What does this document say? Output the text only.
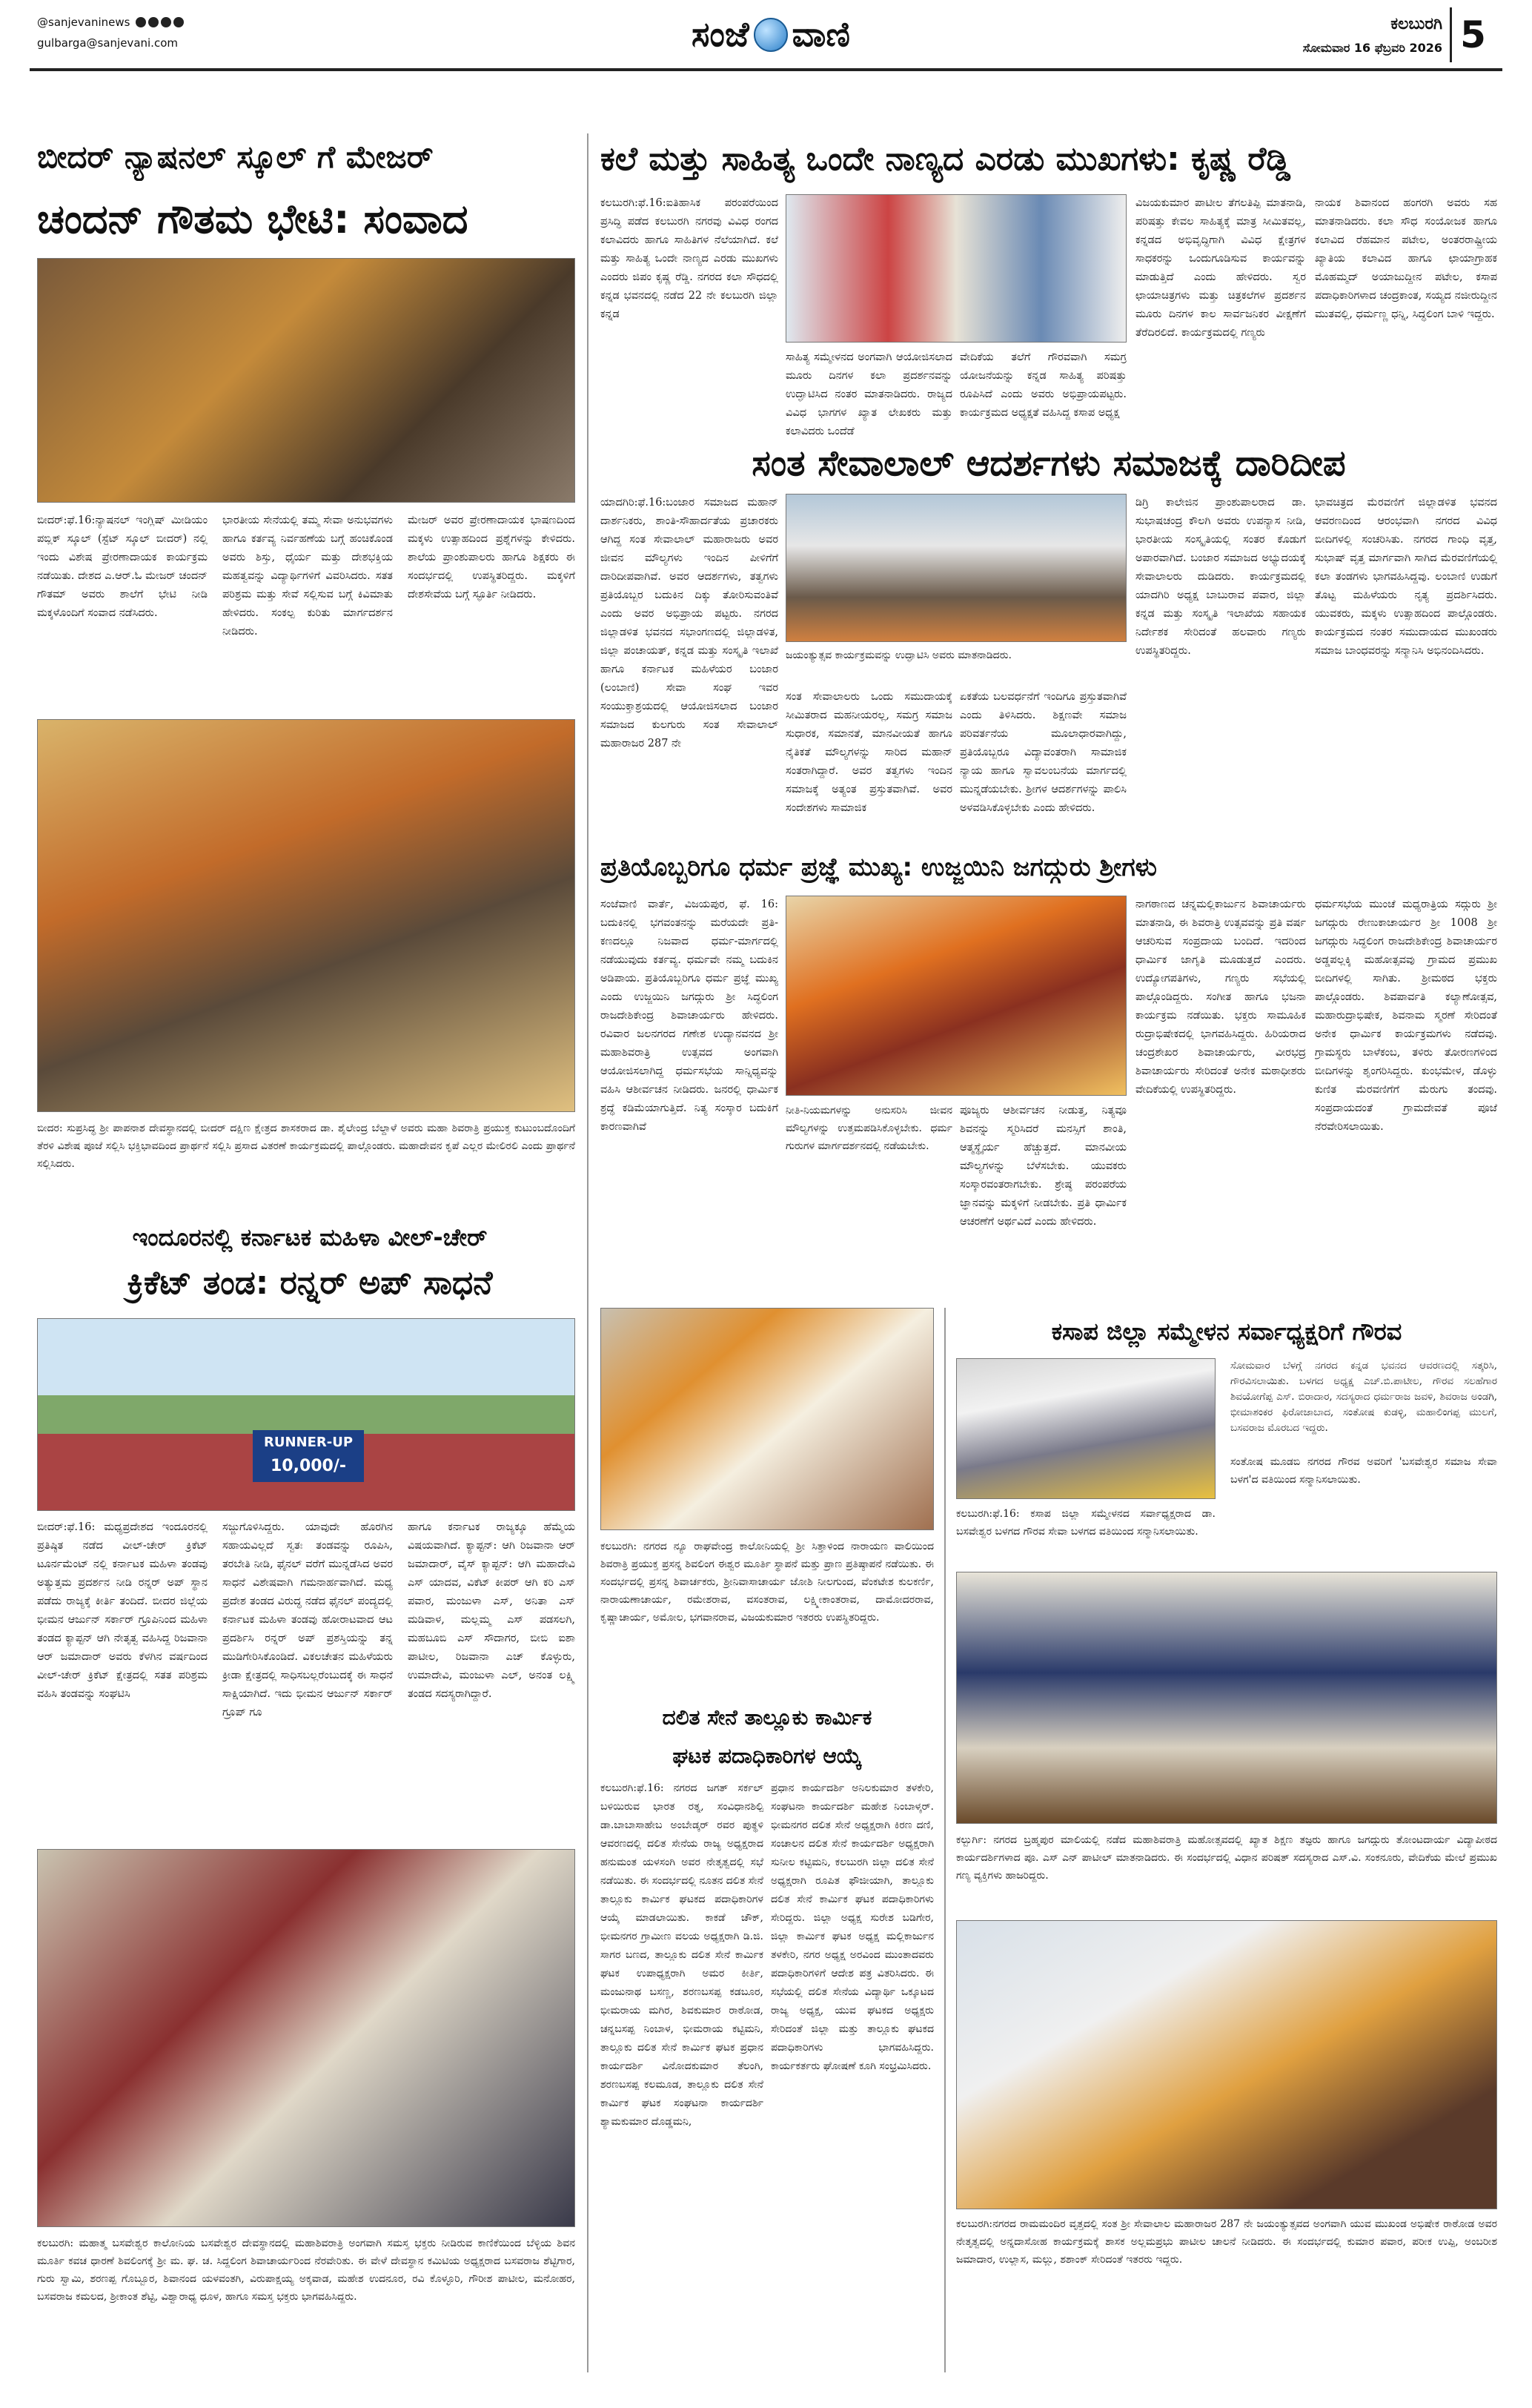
@sanjevaninews
gulbarga@sanjevani.com	ಸಂಜೆ ವಾಣಿ	ಕಲಬುರಗಿ
ಸೋಮವಾರ 16 ಫೆಬ್ರವರಿ 2026 5
ಬೀದರ್ ನ್ಯಾಷನಲ್ ಸ್ಕೂಲ್ ಗೆ ಮೇಜರ್
ಚಂದನ್ ಗೌತಮ ಭೇಟಿ: ಸಂವಾದ
ಬೀದರ್:ಫೆ.16:ನ್ಯಾಷನಲ್ ಇಂಗ್ಲಿಷ್ ಮೀಡಿಯಂ ಪಬ್ಲಿಕ್ ಸ್ಕೂಲ್ (ಸ್ಟೆಟ್ ಸ್ಕೂಲ್ ಬೀದರ್) ನಲ್ಲಿ ಇಂದು ವಿಶೇಷ ಪ್ರೇರಣಾದಾಯಕ ಕಾರ್ಯಕ್ರಮ ನಡೆಯಿತು. ದೇಶದ ಎ.ಆರ್.ಓ ಮೇಜರ್ ಚಂದನ್ ಗೌತಮ್ ಅವರು ಶಾಲೆಗೆ ಭೇಟಿ ನೀಡಿ ಮಕ್ಕಳೊಂದಿಗೆ ಸಂವಾದ ನಡೆಸಿದರು.
ಭಾರತೀಯ ಸೇನೆಯಲ್ಲಿ ತಮ್ಮ ಸೇವಾ ಅನುಭವಗಳು ಹಾಗೂ ಕರ್ತವ್ಯ ನಿರ್ವಹಣೆಯ ಬಗ್ಗೆ ಹಂಚಿಕೊಂಡ ಅವರು ಶಿಸ್ತು, ಧೈರ್ಯ ಮತ್ತು ದೇಶಭಕ್ತಿಯ ಮಹತ್ವವನ್ನು ವಿದ್ಯಾರ್ಥಿಗಳಿಗೆ ವಿವರಿಸಿದರು. ಸತತ ಪರಿಶ್ರಮ ಮತ್ತು ಸೇವೆ ಸಲ್ಲಿಸುವ ಬಗ್ಗೆ ಕಿವಿಮಾತು ಹೇಳಿದರು. ಸಂಕಲ್ಪ ಕುರಿತು ಮಾರ್ಗದರ್ಶನ ನೀಡಿದರು.
ಮೇಜರ್ ಅವರ ಪ್ರೇರಣಾದಾಯಕ ಭಾಷಣದಿಂದ ಮಕ್ಕಳು ಉತ್ಸಾಹದಿಂದ ಪ್ರಶ್ನೆಗಳನ್ನು ಕೇಳಿದರು. ಶಾಲೆಯ ಪ್ರಾಂಶುಪಾಲರು ಹಾಗೂ ಶಿಕ್ಷಕರು ಈ ಸಂದರ್ಭದಲ್ಲಿ ಉಪಸ್ಥಿತರಿದ್ದರು. ಮಕ್ಕಳಿಗೆ ದೇಶಸೇವೆಯ ಬಗ್ಗೆ ಸ್ಫೂರ್ತಿ ನೀಡಿದರು.
ಬೀದರ: ಸುಪ್ರಸಿದ್ಧ ಶ್ರೀ ಪಾಪನಾಶ ದೇವಸ್ಥಾನದಲ್ಲಿ ಬೀದರ್ ದಕ್ಷಿಣ ಕ್ಷೇತ್ರದ ಶಾಸಕರಾದ ಡಾ. ಶೈಲೇಂದ್ರ ಬೆಲ್ದಾಳೆ ಅವರು ಮಹಾ ಶಿವರಾತ್ರಿ ಪ್ರಯುಕ್ತ ಕುಟುಂಬದೊಂದಿಗೆ ತೆರಳಿ ವಿಶೇಷ ಪೂಜೆ ಸಲ್ಲಿಸಿ ಭಕ್ತಿಭಾವದಿಂದ ಪ್ರಾರ್ಥನೆ ಸಲ್ಲಿಸಿ ಪ್ರಸಾದ ವಿತರಣೆ ಕಾರ್ಯಕ್ರಮದಲ್ಲಿ ಪಾಲ್ಗೊಂಡರು. ಮಹಾದೇವನ ಕೃಪೆ ಎಲ್ಲರ ಮೇಲಿರಲಿ ಎಂದು ಪ್ರಾರ್ಥನೆ ಸಲ್ಲಿಸಿದರು.
ಇಂದೂರನಲ್ಲಿ ಕರ್ನಾಟಕ ಮಹಿಳಾ ವೀಲ್-ಚೇರ್
ಕ್ರಿಕೆಟ್ ತಂಡ: ರನ್ನರ್ ಅಪ್ ಸಾಧನೆ
RUNNER-UP
10,000/-
ಬೀದರ್:ಫೆ.16: ಮಧ್ಯಪ್ರದೇಶದ ಇಂದೂರನಲ್ಲಿ ಪ್ರತಿಷ್ಠಿತ ನಡೆದ ವೀಲ್-ಚೇರ್ ಕ್ರಿಕೆಟ್ ಟೂರ್ನಮೆಂಟ್ ನಲ್ಲಿ ಕರ್ನಾಟಕ ಮಹಿಳಾ ತಂಡವು ಅತ್ಯುತ್ತಮ ಪ್ರದರ್ಶನ ನೀಡಿ ರನ್ನರ್ ಅಪ್ ಸ್ಥಾನ ಪಡೆದು ರಾಜ್ಯಕ್ಕೆ ಕೀರ್ತಿ ತಂದಿದೆ. ಬೀದರ ಜಿಲ್ಲೆಯ ಭೀಮನ ಆರ್ಜುನ್ ಸರ್ಕಾರ್ ಗ್ರೂಪಿನಿಂದ ಮಹಿಳಾ ತಂಡದ ಕ್ಯಾಪ್ಟನ್ ಆಗಿ ನೇತೃತ್ವ ವಹಿಸಿದ್ದ ರಿಜವಾನಾ ಆರ್ ಜಮಾದಾರ್ ಅವರು ಕೆಳಗಿನ ವರ್ಷದಿಂದ ವೀಲ್-ಚೇರ್ ಕ್ರಿಕೆಟ್ ಕ್ಷೇತ್ರದಲ್ಲಿ ಸತತ ಪರಿಶ್ರಮ ವಹಿಸಿ ತಂಡವನ್ನು ಸಂಘಟಿಸಿ
ಸಜ್ಜುಗೊಳಿಸಿದ್ದರು. ಯಾವುದೇ ಹೊರಗಿನ ಸಹಾಯವಿಲ್ಲದೆ ಸ್ವತಃ ತಂಡವನ್ನು ರೂಪಿಸಿ, ತರಬೇತಿ ನೀಡಿ, ಫೈನಲ್ ವರೆಗೆ ಮುನ್ನಡೆಸಿದ ಅವರ ಸಾಧನೆ ವಿಶೇಷವಾಗಿ ಗಮನಾರ್ಹವಾಗಿದೆ. ಮಧ್ಯ ಪ್ರದೇಶ ತಂಡದ ವಿರುದ್ಧ ನಡೆದ ಫೈನಲ್ ಪಂದ್ಯದಲ್ಲಿ ಕರ್ನಾಟಕ ಮಹಿಳಾ ತಂಡವು ಹೋರಾಟವಾದ ಆಟ ಪ್ರದರ್ಶಿಸಿ ರನ್ನರ್ ಅಪ್ ಪ್ರಶಸ್ತಿಯನ್ನು ತನ್ನ ಮುಡಿಗೇರಿಸಿಕೊಂಡಿದೆ. ವಿಕಲಚೇತನ ಮಹಿಳೆಯರು ಕ್ರೀಡಾ ಕ್ಷೇತ್ರದಲ್ಲಿ ಸಾಧಿಸಬಲ್ಲರೆಂಬುದಕ್ಕೆ ಈ ಸಾಧನೆ ಸಾಕ್ಷಿಯಾಗಿದೆ. ಇದು ಭೀಮನ ಆರ್ಜುನ್ ಸರ್ಕಾರ್ ಗ್ರೂಪ್ ಗೂ
ಹಾಗೂ ಕರ್ನಾಟಕ ರಾಜ್ಯಕ್ಕೂ ಹೆಮ್ಮೆಯ ವಿಷಯವಾಗಿದೆ. ಕ್ಯಾಪ್ಟನ್: ಆಗಿ ರಿಜವಾನಾ ಆರ್ ಜಮಾದಾರ್, ವೈಸ್ ಕ್ಯಾಪ್ಟನ್: ಆಗಿ ಮಹಾದೇವಿ ಎಸ್ ಯಾದವ, ವಿಕೆಟ್ ಕೀಪರ್ ಆಗಿ ಕರಿ ಎಸ್ ಪವಾರ, ಮಂಜುಳಾ ಎಸ್, ಅನಿತಾ ಎಸ್ ಮಡಿವಾಳ, ಮಲ್ಲಮ್ಮ ಎಸ್ ಪಡಸಲಗಿ, ಮಹಬೂಬಿ ಎಸ್ ಸೌದಾಗರ, ಬೀಬಿ ಐಶಾ ಪಾಟೀಲ, ರಿಜವಾನಾ ಎಚ್ ಕೊಳ್ಳುರು, ಉಮಾದೇವಿ, ಮಂಜುಳಾ ಎಲ್, ಅನಂತ ಲಕ್ಷ್ಮಿ ತಂಡದ ಸದಸ್ಯರಾಗಿದ್ದಾರೆ.
ಕಲಬುರಗಿ: ಮಹಾತ್ಮ ಬಸವೇಶ್ವರ ಕಾಲೋನಿಯ ಬಸವೇಶ್ವರ ದೇವಸ್ಥಾನದಲ್ಲಿ ಮಹಾಶಿವರಾತ್ರಿ ಅಂಗವಾಗಿ ಸಮಸ್ತ ಭಕ್ತರು ನೀಡಿರುವ ಕಾಣಿಕೆಯಿಂದ ಬೆಳ್ಳಿಯ ಶಿವನ ಮೂರ್ತಿ ಕವಚ ಧಾರಣೆ ಶಿವಲಿಂಗಕ್ಕೆ ಶ್ರೀ ಮ. ಘ. ಚ. ಸಿದ್ದಲಿಂಗ ಶಿವಾಚಾರ್ಯರಿಂದ ನೆರವೇರಿತು. ಈ ವೇಳೆ ದೇವಸ್ಥಾನ ಕಮಿಟಿಯ ಅಧ್ಯಕ್ಷರಾದ ಬಸವರಾಜ ಶೆಟ್ಟಿಗಾರ, ಗುರು ಸ್ವಾಮಿ, ಶರಣಪ್ಪ ಗೊಬ್ಬೂರ, ಶಿವಾನಂದ ಯಳವಂತಗಿ, ವಿರುಪಾಕ್ಷಯ್ಯ ಅಕ್ಕವಾಡ, ಮಹೇಶ ಉದನೂರ, ರವಿ ಕೊಳ್ಳೂರಿ, ಗೌರೀಶ ಪಾಟೀಲ, ಮನೋಹರ, ಬಸವರಾಜ ಕಮಲದ, ಶ್ರೀಕಾಂತ ಶೆಟ್ಟಿ, ವಿಶ್ವಾರಾಧ್ಯ ಧೂಳ, ಹಾಗೂ ಸಮಸ್ತ ಭಕ್ತರು ಭಾಗವಹಿಸಿದ್ದರು.
ಕಲೆ ಮತ್ತು ಸಾಹಿತ್ಯ ಒಂದೇ ನಾಣ್ಯದ ಎರಡು ಮುಖಗಳು: ಕೃಷ್ಣ ರೆಡ್ಡಿ
ಕಲಬುರಗಿ:ಫೆ.16:ಐತಿಹಾಸಿಕ ಪರಂಪರೆಯಿಂದ ಪ್ರಸಿದ್ಧಿ ಪಡೆದ ಕಲಬುರಗಿ ನಗರವು ವಿವಿಧ ರಂಗದ ಕಲಾವಿದರು ಹಾಗೂ ಸಾಹಿತಿಗಳ ನೆಲೆಯಾಗಿದೆ. ಕಲೆ ಮತ್ತು ಸಾಹಿತ್ಯ ಒಂದೇ ನಾಣ್ಯದ ಎರಡು ಮುಖಗಳು ಎಂದರು ಜಿಪಂ ಕೃಷ್ಣ ರೆಡ್ಡಿ. ನಗರದ ಕಲಾ ಸೌಧದಲ್ಲಿ ಕನ್ನಡ ಭವನದಲ್ಲಿ ನಡೆದ 22 ನೇ ಕಲಬುರಗಿ ಜಿಲ್ಲಾ ಕನ್ನಡ
ಸಾಹಿತ್ಯ ಸಮ್ಮೇಳನದ ಅಂಗವಾಗಿ ಆಯೋಜಿಸಲಾದ ಮೂರು ದಿನಗಳ ಕಲಾ ಪ್ರದರ್ಶನವನ್ನು ಉದ್ಘಾಟಿಸಿದ ನಂತರ ಮಾತನಾಡಿದರು. ರಾಜ್ಯದ ವಿವಿಧ ಭಾಗಗಳ ಖ್ಯಾತ ಲೇಖಕರು ಮತ್ತು ಕಲಾವಿದರು ಒಂದೆಡೆ
ವೇದಿಕೆಯ ತಲೆಗೆ ಗೌರವವಾಗಿ ಸಮಗ್ರ ಯೋಜನೆಯನ್ನು ಕನ್ನಡ ಸಾಹಿತ್ಯ ಪರಿಷತ್ತು ರೂಪಿಸಿದೆ ಎಂದು ಅವರು ಅಭಿಪ್ರಾಯಪಟ್ಟರು. ಕಾರ್ಯಕ್ರಮದ ಅಧ್ಯಕ್ಷತೆ ವಹಿಸಿದ್ದ ಕಸಾಪ ಅಧ್ಯಕ್ಷ
ವಿಜಯಕುಮಾರ ಪಾಟೀಲ ತೆಗಲತಿಪ್ಪಿ ಮಾತನಾಡಿ, ಪರಿಷತ್ತು ಕೇವಲ ಸಾಹಿತ್ಯಕ್ಕೆ ಮಾತ್ರ ಸೀಮಿತವಲ್ಲ, ಕನ್ನಡದ ಅಭಿವೃದ್ಧಿಗಾಗಿ ವಿವಿಧ ಕ್ಷೇತ್ರಗಳ ಸಾಧಕರನ್ನು ಒಂದುಗೂಡಿಸುವ ಕಾರ್ಯವನ್ನು ಮಾಡುತ್ತಿದೆ ಎಂದು ಹೇಳಿದರು. ಸ್ವರ ಛಾಯಾಚಿತ್ರಗಳು ಮತ್ತು ಚಿತ್ರಕಲೆಗಳ ಪ್ರದರ್ಶನ ಮೂರು ದಿನಗಳ ಕಾಲ ಸಾರ್ವಜನಿಕರ ವೀಕ್ಷಣೆಗೆ ತೆರೆದಿರಲಿದೆ. ಕಾರ್ಯಕ್ರಮದಲ್ಲಿ ಗಣ್ಯರು
ನಾಯಕ ಶಿವಾನಂದ ಹಂಗರಗಿ ಅವರು ಸಹ ಮಾತನಾಡಿದರು. ಕಲಾ ಸೌಧ ಸಂಯೋಜಕ ಹಾಗೂ ಕಲಾವಿದ ರೆಹಮಾನ ಪಟೇಲ, ಅಂತರರಾಷ್ಟ್ರೀಯ ಖ್ಯಾತಿಯ ಕಲಾವಿದ ಹಾಗೂ ಛಾಯಾಗ್ರಾಹಕ ಮೊಹಮ್ಮದ್ ಅಯಾಜುದ್ದೀನ ಪಟೇಲ, ಕಸಾಪ ಪದಾಧಿಕಾರಿಗಳಾದ ಚಂದ್ರಕಾಂತ, ಸಯ್ಯದ ನಜೀರುದ್ದೀನ ಮುತವಲ್ಲಿ, ಧರ್ಮಣ್ಣ ಧನ್ನಿ, ಸಿದ್ಧಲಿಂಗ ಬಾಳಿ ಇದ್ದರು.
ಸಂತ ಸೇವಾಲಾಲ್ ಆದರ್ಶಗಳು ಸಮಾಜಕ್ಕೆ ದಾರಿದೀಪ
ಯಾದಗಿರಿ:ಫೆ.16:ಬಂಜಾರ ಸಮಾಜದ ಮಹಾನ್ ದಾರ್ಶನಿಕರು, ಶಾಂತಿ-ಸೌಹಾರ್ದತೆಯ ಪ್ರಚಾರಕರು ಆಗಿದ್ದ ಸಂತ ಸೇವಾಲಾಲ್ ಮಹಾರಾಜರು ಅವರ ಜೀವನ ಮೌಲ್ಯಗಳು ಇಂದಿನ ಪೀಳಿಗೆಗೆ ದಾರಿದೀಪವಾಗಿವೆ. ಅವರ ಆದರ್ಶಗಳು, ತತ್ವಗಳು ಪ್ರತಿಯೊಬ್ಬರ ಬದುಕಿನ ದಿಕ್ಕು ತೋರಿಸುವಂತಿವೆ ಎಂದು ಅವರ ಅಭಿಪ್ರಾಯ ಪಟ್ಟರು. ನಗರದ ಜಿಲ್ಲಾಡಳಿತ ಭವನದ ಸಭಾಂಗಣದಲ್ಲಿ ಜಿಲ್ಲಾಡಳಿತ, ಜಿಲ್ಲಾ ಪಂಚಾಯತ್, ಕನ್ನಡ ಮತ್ತು ಸಂಸ್ಕೃತಿ ಇಲಾಖೆ ಹಾಗೂ ಕರ್ನಾಟಕ ಮಹಿಳೆಯರ ಬಂಜಾರ (ಲಂಬಾಣಿ) ಸೇವಾ ಸಂಘ ಇವರ ಸಂಯುಕ್ತಾಶ್ರಯದಲ್ಲಿ ಆಯೋಜಿಸಲಾದ ಬಂಜಾರ ಸಮಾಜದ ಕುಲಗುರು ಸಂತ ಸೇವಾಲಾಲ್ ಮಹಾರಾಜರ 287 ನೇ
ಜಯಂತ್ಯುತ್ಸವ ಕಾರ್ಯಕ್ರಮವನ್ನು ಉದ್ಘಾಟಿಸಿ ಅವರು ಮಾತನಾಡಿದರು.
ಸಂತ ಸೇವಾಲಾಲರು ಒಂದು ಸಮುದಾಯಕ್ಕೆ ಸೀಮಿತರಾದ ಮಹನೀಯರಲ್ಲ, ಸಮಗ್ರ ಸಮಾಜ ಸುಧಾರಕ, ಸಮಾನತೆ, ಮಾನವೀಯತೆ ಹಾಗೂ ನೈತಿಕತೆ ಮೌಲ್ಯಗಳನ್ನು ಸಾರಿದ ಮಹಾನ್ ಸಂತರಾಗಿದ್ದಾರೆ. ಅವರ ತತ್ವಗಳು ಇಂದಿನ ಸಮಾಜಕ್ಕೆ ಅತ್ಯಂತ ಪ್ರಸ್ತುತವಾಗಿವೆ. ಅವರ ಸಂದೇಶಗಳು ಸಾಮಾಜಿಕ
ಏಕತೆಯ ಬಲವರ್ಧನೆಗೆ ಇಂದಿಗೂ ಪ್ರಸ್ತುತವಾಗಿವೆ ಎಂದು ತಿಳಿಸಿದರು. ಶಿಕ್ಷಣವೇ ಸಮಾಜ ಪರಿವರ್ತನೆಯ ಮೂಲಾಧಾರವಾಗಿದ್ದು, ಪ್ರತಿಯೊಬ್ಬರೂ ವಿದ್ಯಾವಂತರಾಗಿ ಸಾಮಾಜಿಕ ನ್ಯಾಯ ಹಾಗೂ ಸ್ವಾವಲಂಬನೆಯ ಮಾರ್ಗದಲ್ಲಿ ಮುನ್ನಡೆಯಬೇಕು. ಶ್ರೀಗಳ ಆದರ್ಶಗಳನ್ನು ಪಾಲಿಸಿ ಅಳವಡಿಸಿಕೊಳ್ಳಬೇಕು ಎಂದು ಹೇಳಿದರು.
ಡಿಗ್ರಿ ಕಾಲೇಜಿನ ಪ್ರಾಂಶುಪಾಲರಾದ ಡಾ. ಸುಭಾಷಚಂದ್ರ ಕೌಲಗಿ ಅವರು ಉಪನ್ಯಾಸ ನೀಡಿ, ಭಾರತೀಯ ಸಂಸ್ಕೃತಿಯಲ್ಲಿ ಸಂತರ ಕೊಡುಗೆ ಅಪಾರವಾಗಿದೆ. ಬಂಜಾರ ಸಮಾಜದ ಅಭ್ಯುದಯಕ್ಕೆ ಸೇವಾಲಾಲರು ದುಡಿದರು. ಕಾರ್ಯಕ್ರಮದಲ್ಲಿ ಯಾದಗಿರಿ ಅಧ್ಯಕ್ಷ ಬಾಬುರಾವ ಪವಾರ, ಜಿಲ್ಲಾ ಕನ್ನಡ ಮತ್ತು ಸಂಸ್ಕೃತಿ ಇಲಾಖೆಯ ಸಹಾಯಕ ನಿರ್ದೇಶಕ ಸೇರಿದಂತೆ ಹಲವಾರು ಗಣ್ಯರು ಉಪಸ್ಥಿತರಿದ್ದರು.
ಭಾವಚಿತ್ರದ ಮೆರವಣಿಗೆ ಜಿಲ್ಲಾಡಳಿತ ಭವನದ ಆವರಣದಿಂದ ಆರಂಭವಾಗಿ ನಗರದ ವಿವಿಧ ಬೀದಿಗಳಲ್ಲಿ ಸಂಚರಿಸಿತು. ನಗರದ ಗಾಂಧಿ ವೃತ್ತ, ಸುಭಾಷ್ ವೃತ್ತ ಮಾರ್ಗವಾಗಿ ಸಾಗಿದ ಮೆರವಣಿಗೆಯಲ್ಲಿ ಕಲಾ ತಂಡಗಳು ಭಾಗವಹಿಸಿದ್ದವು. ಲಂಬಾಣಿ ಉಡುಗೆ ತೊಟ್ಟ ಮಹಿಳೆಯರು ನೃತ್ಯ ಪ್ರದರ್ಶಿಸಿದರು. ಯುವಕರು, ಮಕ್ಕಳು ಉತ್ಸಾಹದಿಂದ ಪಾಲ್ಗೊಂಡರು. ಕಾರ್ಯಕ್ರಮದ ನಂತರ ಸಮುದಾಯದ ಮುಖಂಡರು ಸಮಾಜ ಬಾಂಧವರನ್ನು ಸನ್ಮಾನಿಸಿ ಅಭಿನಂದಿಸಿದರು.
ಪ್ರತಿಯೊಬ್ಬರಿಗೂ ಧರ್ಮ ಪ್ರಜ್ಞೆ ಮುಖ್ಯ: ಉಜ್ಜಯಿನಿ ಜಗದ್ಗುರು ಶ್ರೀಗಳು
ಸಂಜೆವಾಣಿ ವಾರ್ತೆ, ವಿಜಯಪುರ, ಫೆ. 16: ಬದುಕಿನಲ್ಲಿ ಭಗವಂತನನ್ನು ಮರೆಯದೇ ಪ್ರತಿ-ಕಣದಲ್ಲೂ ನಿಜವಾದ ಧರ್ಮ-ಮಾರ್ಗದಲ್ಲಿ ನಡೆಯುವುದು ಕರ್ತವ್ಯ. ಧರ್ಮವೇ ನಮ್ಮ ಬದುಕಿನ ಅಡಿಪಾಯ. ಪ್ರತಿಯೊಬ್ಬರಿಗೂ ಧರ್ಮ ಪ್ರಜ್ಞೆ ಮುಖ್ಯ ಎಂದು ಉಜ್ಜಯಿನಿ ಜಗದ್ಗುರು ಶ್ರೀ ಸಿದ್ಧಲಿಂಗ ರಾಜದೇಶಿಕೇಂದ್ರ ಶಿವಾಚಾರ್ಯರು ಹೇಳಿದರು. ರವಿವಾರ ಜಲನಗರದ ಗಣೇಶ ಉದ್ಯಾನವನದ ಶ್ರೀ ಮಹಾಶಿವರಾತ್ರಿ ಉತ್ಸವದ ಅಂಗವಾಗಿ ಆಯೋಜಿಸಲಾಗಿದ್ದ ಧರ್ಮಸಭೆಯ ಸಾನ್ನಿಧ್ಯವನ್ನು ವಹಿಸಿ ಆಶೀರ್ವಚನ ನೀಡಿದರು. ಜನರಲ್ಲಿ ಧಾರ್ಮಿಕ ಶ್ರದ್ಧೆ ಕಡಿಮೆಯಾಗುತ್ತಿದೆ. ನಿತ್ಯ ಸಂಸ್ಕಾರ ಬದುಕಿಗೆ ಕಾರಣವಾಗಿವೆ
ನೀತಿ-ನಿಯಮಗಳನ್ನು ಅನುಸರಿಸಿ ಜೀವನ ಮೌಲ್ಯಗಳನ್ನು ಉತ್ತಮಪಡಿಸಿಕೊಳ್ಳಬೇಕು. ಧರ್ಮ ಗುರುಗಳ ಮಾರ್ಗದರ್ಶನದಲ್ಲಿ ನಡೆಯಬೇಕು.
ಪೂಜ್ಯರು ಆಶೀರ್ವಚನ ನೀಡುತ್ತ, ನಿತ್ಯವೂ ಶಿವನನ್ನು ಸ್ಮರಿಸಿದರೆ ಮನಸ್ಸಿಗೆ ಶಾಂತಿ, ಆತ್ಮಸ್ಥೈರ್ಯ ಹೆಚ್ಚುತ್ತದೆ. ಮಾನವೀಯ ಮೌಲ್ಯಗಳನ್ನು ಬೆಳೆಸಬೇಕು. ಯುವಕರು ಸಂಸ್ಕಾರವಂತರಾಗಬೇಕು. ಶ್ರೇಷ್ಠ ಪರಂಪರೆಯ ಜ್ಞಾನವನ್ನು ಮಕ್ಕಳಿಗೆ ನೀಡಬೇಕು. ಪ್ರತಿ ಧಾರ್ಮಿಕ ಆಚರಣೆಗೆ ಅರ್ಥವಿದೆ ಎಂದು ಹೇಳಿದರು.
ನಾಗಠಾಣದ ಚನ್ನಮಲ್ಲಿಕಾರ್ಜುನ ಶಿವಾಚಾರ್ಯರು ಮಾತನಾಡಿ, ಈ ಶಿವರಾತ್ರಿ ಉತ್ಸವವನ್ನು ಪ್ರತಿ ವರ್ಷ ಆಚರಿಸುವ ಸಂಪ್ರದಾಯ ಬಂದಿದೆ. ಇದರಿಂದ ಧಾರ್ಮಿಕ ಜಾಗೃತಿ ಮೂಡುತ್ತದೆ ಎಂದರು. ಉದ್ಯೋಗಪತಿಗಳು, ಗಣ್ಯರು ಸಭೆಯಲ್ಲಿ ಪಾಲ್ಗೊಂಡಿದ್ದರು. ಸಂಗೀತ ಹಾಗೂ ಭಜನಾ ಕಾರ್ಯಕ್ರಮ ನಡೆಯಿತು. ಭಕ್ತರು ಸಾಮೂಹಿಕ ರುದ್ರಾಭಿಷೇಕದಲ್ಲಿ ಭಾಗವಹಿಸಿದ್ದರು. ಹಿರಿಯರಾದ ಚಂದ್ರಶೇಖರ ಶಿವಾಚಾರ್ಯರು, ವೀರಭದ್ರ ಶಿವಾಚಾರ್ಯರು ಸೇರಿದಂತೆ ಅನೇಕ ಮಠಾಧೀಶರು ವೇದಿಕೆಯಲ್ಲಿ ಉಪಸ್ಥಿತರಿದ್ದರು.
ಧರ್ಮಸಭೆಯ ಮುಂಚೆ ಮಧ್ಯರಾತ್ರಿಯ ಸದ್ಗುರು ಶ್ರೀ ಜಗದ್ಗುರು ರೇಣುಕಾಚಾರ್ಯರ ಶ್ರೀ 1008 ಶ್ರೀ ಜಗದ್ಗುರು ಸಿದ್ಧಲಿಂಗ ರಾಜದೇಶಿಕೇಂದ್ರ ಶಿವಾಚಾರ್ಯರ ಅಡ್ಡಪಲ್ಲಕ್ಕಿ ಮಹೋತ್ಸವವು ಗ್ರಾಮದ ಪ್ರಮುಖ ಬೀದಿಗಳಲ್ಲಿ ಸಾಗಿತು. ಶ್ರೀಮಠದ ಭಕ್ತರು ಪಾಲ್ಗೊಂಡರು. ಶಿವಪಾರ್ವತಿ ಕಲ್ಯಾಣೋತ್ಸವ, ಮಹಾರುದ್ರಾಭಿಷೇಕ, ಶಿವನಾಮ ಸ್ಮರಣೆ ಸೇರಿದಂತೆ ಅನೇಕ ಧಾರ್ಮಿಕ ಕಾರ್ಯಕ್ರಮಗಳು ನಡೆದವು. ಗ್ರಾಮಸ್ಥರು ಬಾಳೆಕಂಬ, ತಳಿರು ತೋರಣಗಳಿಂದ ಬೀದಿಗಳನ್ನು ಶೃಂಗರಿಸಿದ್ದರು. ಕುಂಭಮೇಳ, ಡೊಳ್ಳು ಕುಣಿತ ಮೆರವಣಿಗೆಗೆ ಮೆರುಗು ತಂದವು. ಸಂಪ್ರದಾಯದಂತೆ ಗ್ರಾಮದೇವತೆ ಪೂಜೆ ನೆರವೇರಿಸಲಾಯಿತು.
ಕಲಬುರಗಿ: ನಗರದ ನ್ಯೂ ರಾಘವೇಂದ್ರ ಕಾಲೋನಿಯಲ್ಲಿ ಶ್ರೀ ಸಿತ್ತಾಳಿಂದ ನಾರಾಯಣ ವಾಲಿಯಿಂದ ಶಿವರಾತ್ರಿ ಪ್ರಯುಕ್ತ ಪ್ರಸನ್ನ ಶಿವಲಿಂಗ ಈಶ್ವರ ಮೂರ್ತಿ ಸ್ಥಾಪನೆ ಮತ್ತು ಪ್ರಾಣ ಪ್ರತಿಷ್ಠಾಪನೆ ನಡೆಯಿತು. ಈ ಸಂದರ್ಭದಲ್ಲಿ ಪ್ರಸನ್ನ ಶಿವಾರ್ಚಕರು, ಶ್ರೀನಿವಾಸಾಚಾರ್ಯ ಜೋಶಿ ನೀಲಗುಂದ, ವೆಂಕಟೇಶ ಕುಲಕರ್ಣಿ, ನಾರಾಯಣಾಚಾರ್ಯ, ರಮೇಶರಾವ, ವಸಂತರಾವ, ಲಕ್ಷ್ಮೀಕಾಂತರಾವ, ದಾಮೋದರರಾವ, ಕೃಷ್ಣಾಚಾರ್ಯ, ಅಮೋಲ, ಭಗವಾನರಾವ, ವಿಜಯಕುಮಾರ ಇತರರು ಉಪಸ್ಥಿತರಿದ್ದರು.
ದಲಿತ ಸೇನೆ ತಾಲ್ಲೂಕು ಕಾರ್ಮಿಕ
ಘಟಕ ಪದಾಧಿಕಾರಿಗಳ ಆಯ್ಕೆ
ಕಲಬುರಗಿ:ಫೆ.16: ನಗರದ ಜಗತ್ ಸರ್ಕಲ್ ಬಳಿಯಿರುವ ಭಾರತ ರತ್ನ, ಸಂವಿಧಾನಶಿಲ್ಪಿ ಡಾ.ಬಾಬಾಸಾಹೇಬ ಅಂಬೇಡ್ಕರ್ ರವರ ಪುತ್ಥಳಿ ಆವರಣದಲ್ಲಿ ದಲಿತ ಸೇನೆಯ ರಾಜ್ಯ ಅಧ್ಯಕ್ಷರಾದ ಹನುಮಂತ ಯಳಸಂಗಿ ಅವರ ನೇತೃತ್ವದಲ್ಲಿ ಸಭೆ ನಡೆಯಿತು. ಈ ಸಂದರ್ಭದಲ್ಲಿ ನೂತನ ದಲಿತ ಸೇನೆ ತಾಲ್ಲೂಕು ಕಾರ್ಮಿಕ ಘಟಕದ ಪದಾಧಿಕಾರಿಗಳ ಆಯ್ಕೆ ಮಾಡಲಾಯಿತು. ಕಾಕಡೆ ಚೌಕ್, ಭೀಮನಗರ ಗ್ರಾಮೀಣ ವಲಯ ಅಧ್ಯಕ್ಷರಾಗಿ ಡಿ.ಜಿ. ಸಾಗರ ಬಣದ, ತಾಲ್ಲೂಕು ದಲಿತ ಸೇನೆ ಕಾರ್ಮಿಕ ಘಟಕ ಉಪಾಧ್ಯಕ್ಷರಾಗಿ ಅಮರ ಕೀರ್ತಿ, ಮಂಜುನಾಥ ಬಸಣ್ಣ, ಶರಣಬಸಪ್ಪ ಕಡಬೂರ, ಭೀಮರಾಯ ಮಗಿರ, ಶಿವಕುಮಾರ ರಾಠೋಡ, ಚನ್ನಬಸಪ್ಪ ನಿಂಬಾಳ, ಭೀಮರಾಯ ಕಟ್ಟಿಮನಿ, ತಾಲ್ಲೂಕು ದಲಿತ ಸೇನೆ ಕಾರ್ಮಿಕ ಘಟಕ ಪ್ರಧಾನ ಕಾರ್ಯದರ್ಶಿ ವಿನೋದಕುಮಾರ ತೆಲಂಗಿ, ಶರಣಬಸಪ್ಪ ಕಲಮೂಡ, ತಾಲ್ಲೂಕು ದಲಿತ ಸೇನೆ ಕಾರ್ಮಿಕ ಘಟಕ ಸಂಘಟನಾ ಕಾರ್ಯದರ್ಶಿ ಶ್ಯಾಮಕುಮಾರ ದೊಡ್ಡಮನಿ,
ಪ್ರಧಾನ ಕಾರ್ಯದರ್ಶಿ ಅನಿಲಕುಮಾರ ತಳಕೇರಿ, ಸಂಘಟನಾ ಕಾರ್ಯದರ್ಶಿ ಮಹೇಶ ನಿಂಬಾಳ್ಕರ್. ಭೀಮನಗರ ದಲಿತ ಸೇನೆ ಅಧ್ಯಕ್ಷರಾಗಿ ಕಿರಣ ದಣಿ, ಸಂಚಾಲನ ದಲಿತ ಸೇನೆ ಕಾರ್ಯದರ್ಶಿ ಅಧ್ಯಕ್ಷರಾಗಿ ಸುನೀಲ ಕಟ್ಟಿಮನಿ, ಕಲಬುರಗಿ ಜಿಲ್ಲಾ ದಲಿತ ಸೇನೆ ಅಧ್ಯಕ್ಷರಾಗಿ ರೂಪಿತ ಫೌಜೀಯಾಗಿ, ತಾಲ್ಲೂಕು ದಲಿತ ಸೇನೆ ಕಾರ್ಮಿಕ ಘಟಕ ಪದಾಧಿಕಾರಿಗಳು ಸೇರಿದ್ದರು. ಜಿಲ್ಲಾ ಅಧ್ಯಕ್ಷ ಸುರೇಶ ಬಡಿಗೇರ, ಜಿಲ್ಲಾ ಕಾರ್ಮಿಕ ಘಟಕ ಅಧ್ಯಕ್ಷ ಮಲ್ಲಿಕಾರ್ಜುನ ತಳಕೇರಿ, ನಗರ ಅಧ್ಯಕ್ಷ ಅರವಿಂದ ಮುಂತಾದವರು ಪದಾಧಿಕಾರಿಗಳಿಗೆ ಆದೇಶ ಪತ್ರ ವಿತರಿಸಿದರು. ಈ ಸಭೆಯಲ್ಲಿ ದಲಿತ ಸೇನೆಯ ವಿದ್ಯಾರ್ಥಿ ಒಕ್ಕೂಟದ ರಾಜ್ಯ ಅಧ್ಯಕ್ಷ, ಯುವ ಘಟಕದ ಅಧ್ಯಕ್ಷರು ಸೇರಿದಂತೆ ಜಿಲ್ಲಾ ಮತ್ತು ತಾಲ್ಲೂಕು ಘಟಕದ ಪದಾಧಿಕಾರಿಗಳು ಭಾಗವಹಿಸಿದ್ದರು. ಕಾರ್ಯಕರ್ತರು ಘೋಷಣೆ ಕೂಗಿ ಸಂಭ್ರಮಿಸಿದರು.
ಕಸಾಪ ಜಿಲ್ಲಾ ಸಮ್ಮೇಳನ ಸರ್ವಾಧ್ಯಕ್ಷರಿಗೆ ಗೌರವ
ಕಲಬುರಗಿ:ಫೆ.16: ಕಸಾಪ ಜಿಲ್ಲಾ ಸಮ್ಮೇಳನದ ಸರ್ವಾಧ್ಯಕ್ಷರಾದ ಡಾ. ಬಸವೇಶ್ವರ ಬಳಗದ ಗೌರವ ಸೇವಾ ಬಳಗದ ವತಿಯಿಂದ ಸನ್ಮಾನಿಸಲಾಯಿತು.
ಸಂತೋಷ ಮೂಡಬಿ ನಗರದ ಗೌರವ ಅವರಿಗೆ 'ಬಸವೇಶ್ವರ ಸಮಾಜ ಸೇವಾ ಬಳಗ'ದ ವತಿಯಿಂದ ಸನ್ಮಾನಿಸಲಾಯಿತು.
ಸೋಮವಾರ ಬೆಳಗ್ಗೆ ನಗರದ ಕನ್ನಡ ಭವನದ ಆವರಣದಲ್ಲಿ ಸತ್ಕರಿಸಿ, ಗೌರವಿಸಲಾಯಿತು. ಬಳಗದ ಅಧ್ಯಕ್ಷ ಎಚ್.ಬಿ.ಪಾಟೀಲ, ಗೌರವ ಸಲಹೆಗಾರ ಶಿವಯೋಗೆಪ್ಪ ಎಸ್. ಬಿರಾದಾರ, ಸದಸ್ಯರಾದ ಧರ್ಮರಾಜ ಜವಳಿ, ಶಿವರಾಜ ಅಂಡಗಿ, ಭೀಮಾಶಂಕರ ಫಿರೋಜಾಬಾದ, ಸಂತೋಷ ಕುಡಳ್ಳಿ, ಮಹಾಲಿಂಗಪ್ಪ ಮುಲಗೆ, ಬಸವರಾಜ ಮೊರಬದ ಇದ್ದರು.
ಕಲ್ಬುರ್ಗಿ: ನಗರದ ಬ್ರಹ್ಮಪುರ ಮಾಲಿಯಲ್ಲಿ ನಡೆದ ಮಹಾಶಿವರಾತ್ರಿ ಮಹೋತ್ಸವದಲ್ಲಿ ಖ್ಯಾತ ಶಿಕ್ಷಣ ತಜ್ಞರು ಹಾಗೂ ಜಗದ್ಗುರು ತೋಂಟದಾರ್ಯ ವಿದ್ಯಾಪೀಠದ ಕಾರ್ಯದರ್ಶಿಗಳಾದ ಪೂ. ಎಸ್ ಎನ್ ಪಾಟೀಲ್ ಮಾತನಾಡಿದರು. ಈ ಸಂದರ್ಭದಲ್ಲಿ ವಿಧಾನ ಪರಿಷತ್ ಸದಸ್ಯರಾದ ಎಸ್.ವಿ. ಸಂಕನೂರು, ವೇದಿಕೆಯ ಮೇಲೆ ಪ್ರಮುಖ ಗಣ್ಯ ವ್ಯಕ್ತಿಗಳು ಹಾಜರಿದ್ದರು.
ಕಲಬುರಗಿ:ನಗರದ ರಾಮಮಂದಿರ ವೃತ್ತದಲ್ಲಿ ಸಂತ ಶ್ರೀ ಸೇವಾಲಾಲ ಮಹಾರಾಜರ 287 ನೇ ಜಯಂತ್ಯುತ್ಸವದ ಅಂಗವಾಗಿ ಯುವ ಮುಖಂಡ ಅಭಿಷೇಕ ರಾಠೋಡ ಅವರ ನೇತೃತ್ವದಲ್ಲಿ ಅನ್ನದಾಸೋಹ ಕಾರ್ಯಕ್ರಮಕ್ಕೆ ಶಾಸಕ ಅಲ್ಲಮಪ್ರಭು ಪಾಟೀಲ ಚಾಲನೆ ನೀಡಿದರು. ಈ ಸಂದರ್ಭದಲ್ಲಿ ಕುಮಾರ ಪವಾರ, ಪರೀಕ ಉಪ್ಪಿ, ಅಂಬರೀಶ ಜಮಾದಾರ, ಉಲ್ಲಾಸ, ಮಲ್ಲು, ಶಶಾಂಕ್ ಸೇರಿದಂತೆ ಇತರರು ಇದ್ದರು.
